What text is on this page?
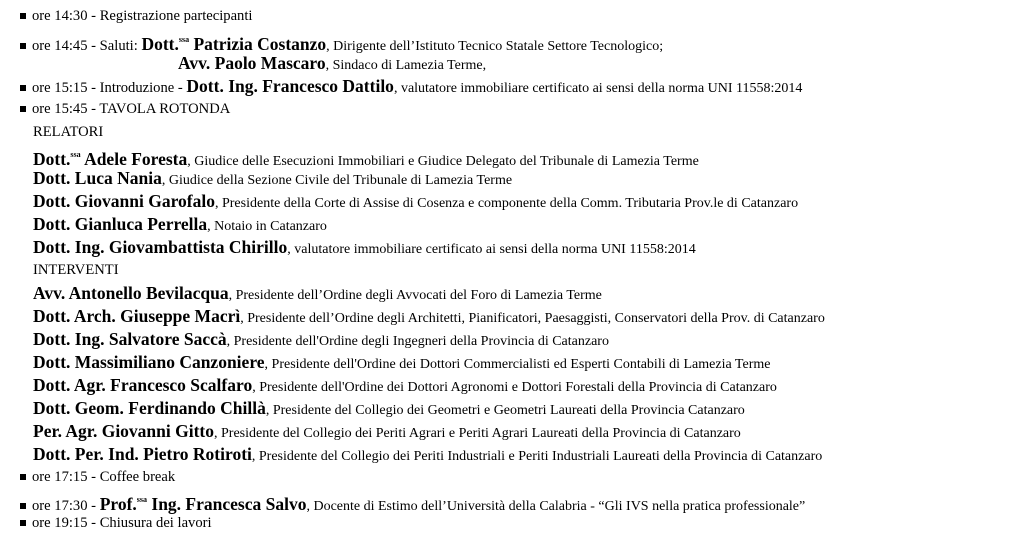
ore 14:30 - Registrazione partecipanti
ore 14:45 - Saluti: Dott.$^{ssa}$ Patrizia Costanzo, Dirigente dell’Istituto Tecnico Statale Settore Tecnologico;
Avv. Paolo Mascaro, Sindaco di Lamezia Terme,
ore 15:15 - Introduzione - Dott. Ing. Francesco Dattilo, valutatore immobiliare certificato ai sensi della norma UNI 11558:2014
ore 15:45 - TAVOLA ROTONDA
RELATORI
Dott.$^{ssa}$ Adele Foresta, Giudice delle Esecuzioni Immobiliari e Giudice Delegato del Tribunale di Lamezia Terme
Dott. Luca Nania, Giudice della Sezione Civile del Tribunale di Lamezia Terme
Dott. Giovanni Garofalo, Presidente della Corte di Assise di Cosenza e componente della Comm. Tributaria Prov.le di Catanzaro
Dott. Gianluca Perrella, Notaio in Catanzaro
Dott. Ing. Giovambattista Chirillo, valutatore immobiliare certificato ai sensi della norma UNI 11558:2014
INTERVENTI
Avv. Antonello Bevilacqua, Presidente dell’Ordine degli Avvocati del Foro di Lamezia Terme
Dott. Arch. Giuseppe Macrì, Presidente dell’Ordine degli Architetti, Pianificatori, Paesaggisti, Conservatori della Prov. di Catanzaro
Dott. Ing. Salvatore Saccà, Presidente dell'Ordine degli Ingegneri della Provincia di Catanzaro
Dott. Massimiliano Canzoniere, Presidente dell'Ordine dei Dottori Commercialisti ed Esperti Contabili di Lamezia Terme
Dott. Agr. Francesco Scalfaro, Presidente dell'Ordine dei Dottori Agronomi e Dottori Forestali della Provincia di Catanzaro
Dott. Geom. Ferdinando Chillà, Presidente del Collegio dei Geometri e Geometri Laureati della Provincia Catanzaro
Per. Agr. Giovanni Gitto, Presidente del Collegio dei Periti Agrari e Periti Agrari Laureati della Provincia di Catanzaro
Dott. Per. Ind. Pietro Rotiroti, Presidente del Collegio dei Periti Industriali e Periti Industriali Laureati della Provincia di Catanzaro
ore 17:15 - Coffee break
ore 17:30 - Prof.$^{ssa}$ Ing. Francesca Salvo, Docente di Estimo dell’Università della Calabria - “Gli IVS nella pratica professionale”
ore 19:15 - Chiusura dei lavori
